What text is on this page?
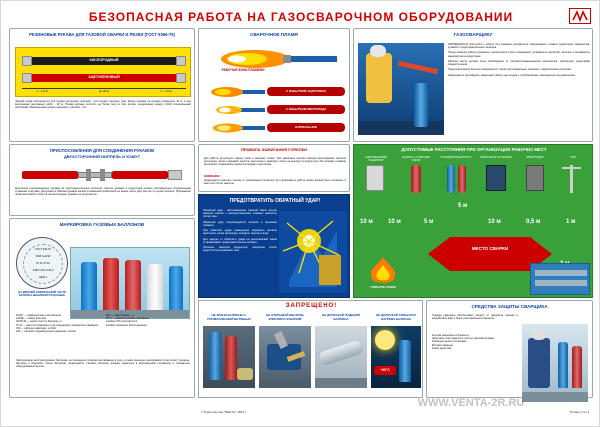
БЕЗОПАСНАЯ РАБОТА НА ГАЗОСВАРОЧНОМ ОБОРУДОВАНИИ
РЕЗИНОВЫЕ РУКАВА ДЛЯ ГАЗОВОЙ СВАРКИ И РЕЗКИ (ГОСТ 9356-75)
КИСЛОРОДНЫЙ
АЦЕТИЛЕНОВЫЙ
1 - 1,5 м	до 30 м	1 - 1,5 м
Чёрный рукав используется для подачи кислорода, красный - для подачи горючего газа. Длина рукавов не должна превышать 30 м, а при выполнении монтажных работ - 40 м. Рукава должны состоять не более чем из трёх кусков, соединённых между собой специальными ниппелями. Минимальная длина стыкуемых участков - 3 м.
ПРИСПОСОБЛЕНИЯ ДЛЯ СОЕДИНЕНИЯ РУКАВОВ
ДВУХСТОРОННИЙ НИППЕЛЬ И ХОМУТ
Крепление газопроводящих рукавов на присоединительных ниппелях горелок, резаков и редукторов должно производиться специальными стяжными хомутами. Допускается обвязка рукавов мягкой отожжённой проволокой не менее чем в двух местах по длине ниппеля. Применение проволоки вместо хомутов на кислородных рукавах не допускается.
МАРКИРОВКА ГАЗОВЫХ БАЛЛОНОВ
ГОСТ 949-73
ЧМЗ №1234
07.11 07.16
Р150 С40 V=40,0
№М2,1
НА ВЕРХНЕЙ СФЕРИЧЕСКОЙ ЧАСТИ БАЛЛОНА ВЫБИВАЮТСЯ ДАННЫЕ
КСИЛ — товарный знак изготовителя
1234Б — номер баллона
30.08-34 — масса пустого баллона, кг
07.11 — дата изготовления и год следующего освидетельствования
150 — рабочее давление, кгс/см²
225 — пробное гидравлическое давление, кгс/см²
40,0 — вместимость, л
М2,1 — диаметр резьбы горловины
клеймо ОТК изготовителя
клеймо инспекции Ростехнадзора
Эксплуатация эксплуатируемых баллонов, не прошедших освидетельствование в срок, а также имеющих неисправности вентилей, трещины, вмятины и коррозию стенок баллонов, запрещается. Газовые баллоны должны храниться в вертикальном положении в специально оборудованных местах.
СВАРОЧНОЕ ПЛАМЯ
РАБОЧАЯ ЗОНА ПЛАМЕНИ
С ИЗБЫТКОМ АЦЕТИЛЕНА
С ИЗБЫТКОМ КИСЛОРОДА
НОРМАЛЬНОЕ
ПРАВИЛА ЗАЖИГАНИЯ ГОРЕЛКИ
Для работы регулируют подачу газов и зажигают пламя. При зажигании горелки сначала приоткрывают вентиль кислорода, затем открывают вентиль ацетилена и зажигают смесь на выходе из мундштука. Регулировку пламени выполняют изменением подачи кислорода и ацетилена.
ВНИМАНИЕ!
Запрещается зажигать горелку от раскалённого металла; при перерывах в работе пламя должно быть погашено, а вентили плотно закрыты.
ПРЕДОТВРАТИТЬ ОБРАТНЫЙ УДАР!
Обратный удар - воспламенение горючей смеси внутри каналов горелки с распространением пламени навстречу потоку газа.
Обратный удар сопровождается хлопком и гашением пламени.
При обратном ударе немедленно перекрыть вентиль ацетилена, затем кислорода, охладить горелку в воде.
Для защиты от обратного удара на ацетиленовой линии устанавливают предохранительные затворы.
Причины: перегрев мундштука, засорение сопла, недостаточное давление газа.
ЗАПРЕЩЕНО!
НЕ ХРАНИ БАЛЛОНЫ С ПРОМАСЛЕННОЙ ВЕТОШЬЮ
НЕ ОТКРЫВАЙ ВЕНТИЛЬ КЛЮЧОМ И ЗУБИЛОМ
НЕ ДОПУСКАЙ ПАДЕНИЯ БАЛЛОНА
НЕ ДОПУСКАЙ СИЛЬНОГО НАГРЕВА БАЛЛОНА
+30°C
ГАЗОСВАРЩИКУ
ЗАПРЕЩАЕТСЯ приступать к работе без проверки исправности оборудования, газовых редукторов, манометров, рукавов и предохранительных затворов.
Перед началом работы проверить герметичность всех соединений, исправность вентилей, наличие и исправность манометров на редукторах.
Рабочее место должно быть освобождено от легковоспламеняющихся материалов, обеспечено средствами пожаротушения.
Транспортировать баллоны разрешается только на специальных тележках с закреплением хомутами.
Запрещается производить сварочные работы на сосудах и трубопроводах, находящихся под давлением.
ДОПУСТИМЫЕ РАССТОЯНИЯ ПРИ ОРГАНИЗАЦИИ РАБОЧИХ МЕСТ
АЦЕТИЛЕНОВЫЙ ГЕНЕРАТОР
БАЛЛОН С ГОРЮЧИМ ГАЗОМ
ГАЗОСВАРОЧНЫЙ ПОСТ	СВАРОЧНАЯ УСТАНОВКА	ЭЛЕКТРОЩИТ	ЛЭП
5 м
МЕСТО СВАРКИ
10 м	10 м	5 м	10 м	0,5 м	1 м
ОТКРЫТОЕ ПЛАМЯ
СРЕДСТВА ЗАЩИТЫ СВАРЩИКА
Одежда сварщика обеспечивает защиту от продуктов горения и воздействия искр и брызг расплавленного металла.
Костюм сварщика из брезента
Защитные очки закрытого типа со светофильтрами
Рукавицы (краги) спилковые
Ботинки кожаные
Каска защитная
WWW.VENTA-2R.RU
© Издательство "ВЕНТА", 2012 г.	Плакат 3 из 4
